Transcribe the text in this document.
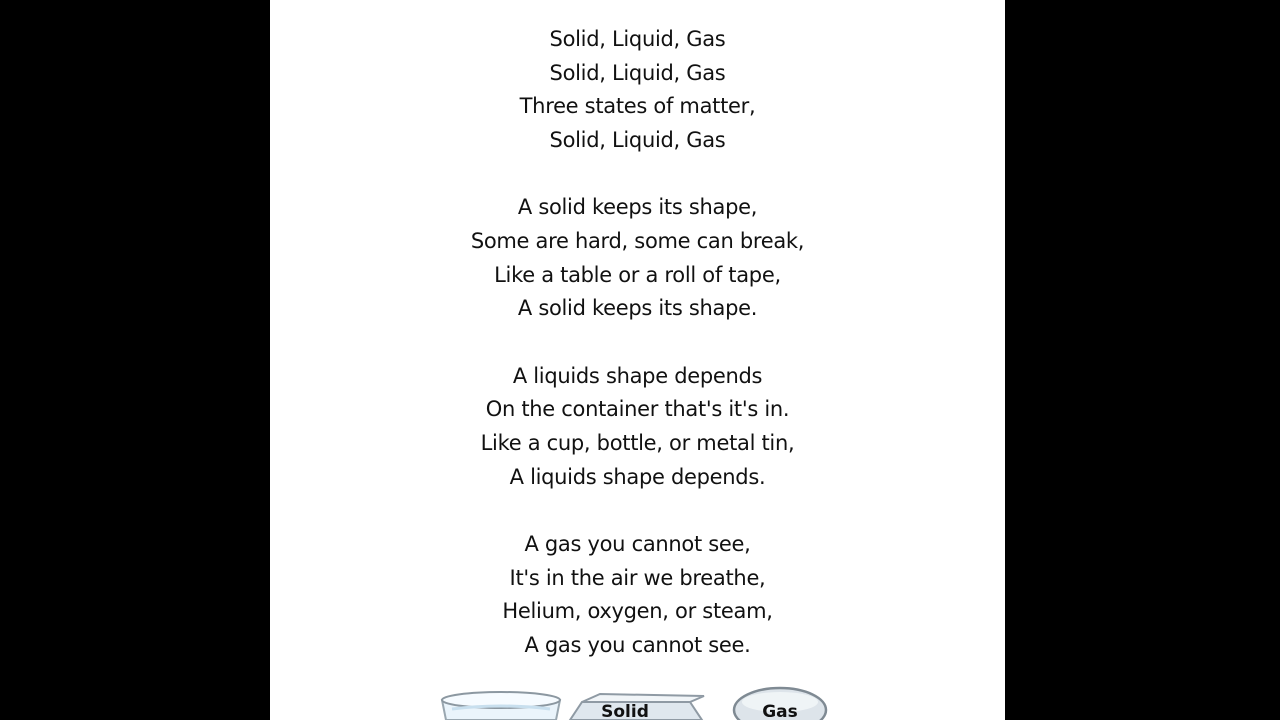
Solid, Liquid, Gas
Solid, Liquid, Gas
Three states of matter,
Solid, Liquid, Gas
A solid keeps its shape,
Some are hard, some can break,
Like a table or a roll of tape,
A solid keeps its shape.
A liquids shape depends
On the container that's it's in.
Like a cup, bottle, or metal tin,
A liquids shape depends.
A gas you cannot see,
It's in the air we breathe,
Helium, oxygen, or steam,
A gas you cannot see.
Solid	Gas
